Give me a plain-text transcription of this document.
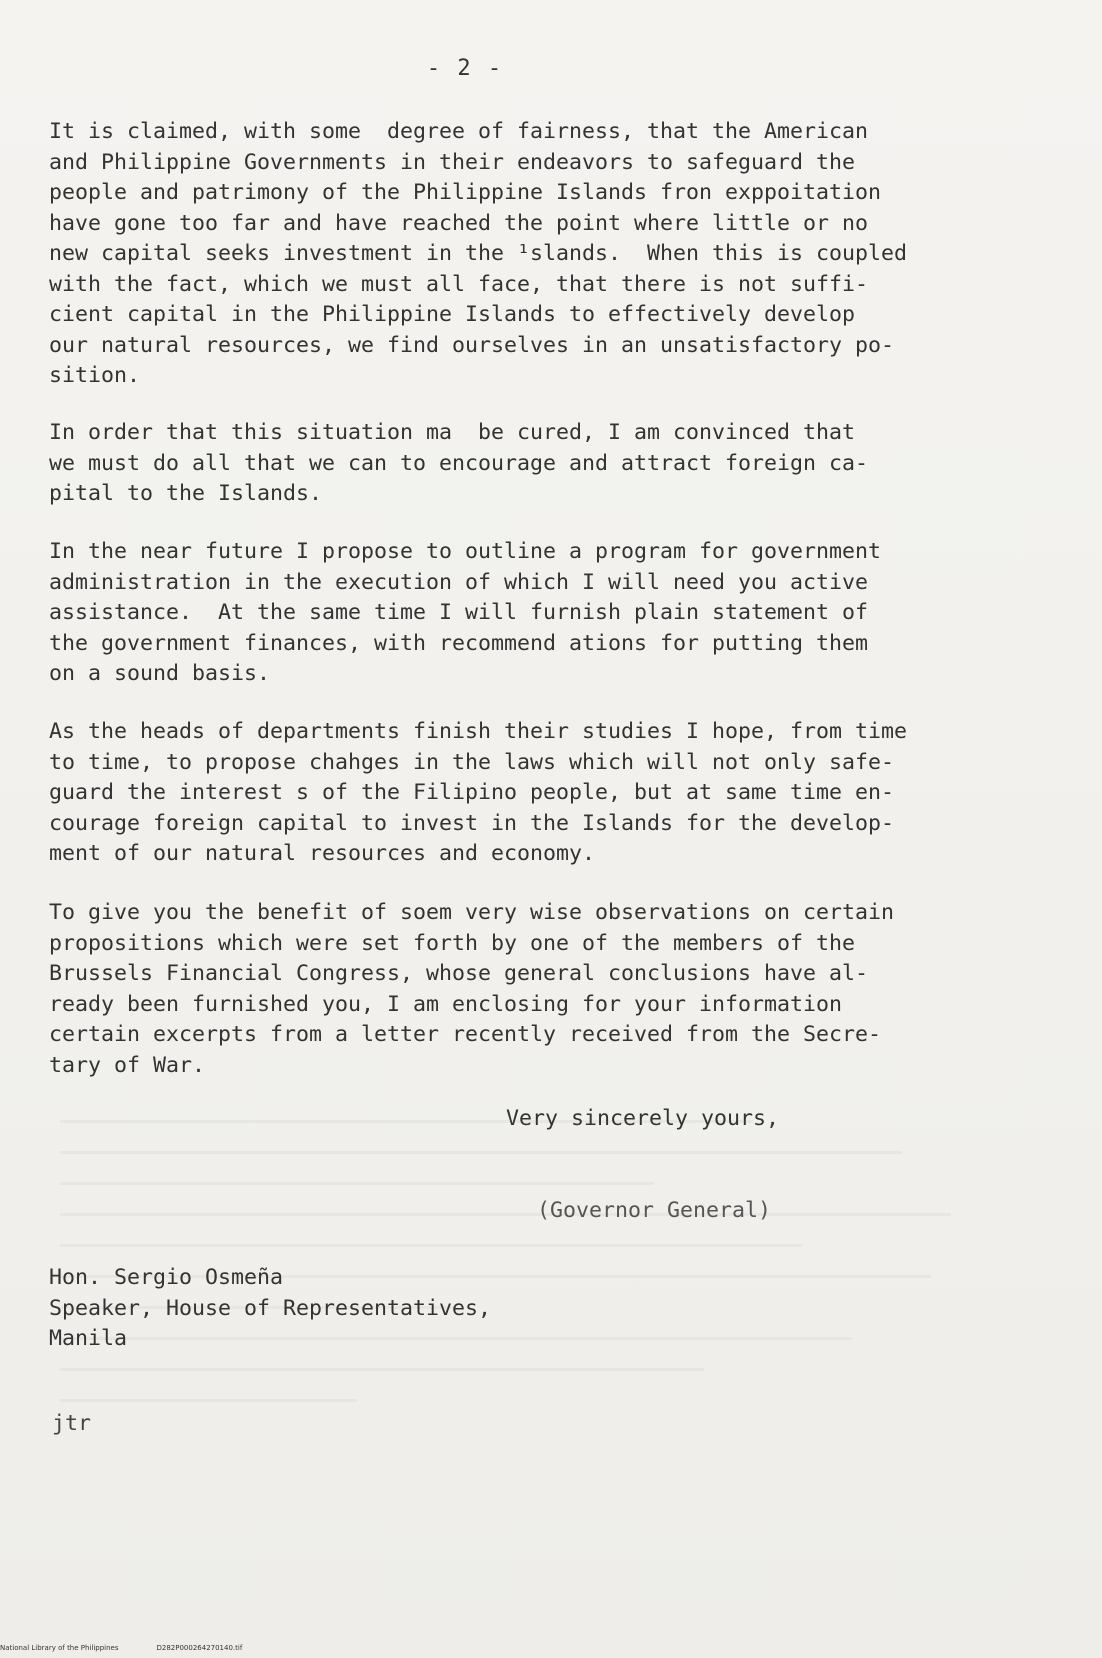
- 2 -

It is claimed, with some  degree of fairness, that the American
and Philippine Governments in their endeavors to safeguard the
people and patrimony of the Philippine Islands fron exppoitation
have gone too far and have reached the point where little or no
new capital seeks investment in the ¹slands.  When this is coupled
with the fact, which we must all face, that there is not suffi-
cient capital in the Philippine Islands to effectively develop
our natural resources, we find ourselves in an unsatisfactory po-
sition.

In order that this situation ma  be cured, I am convinced that
we must do all that we can to encourage and attract foreign ca-
pital to the Islands.

In the near future I propose to outline a program for government
administration in the execution of which I will need you active
assistance.  At the same time I will furnish plain statement of
the government finances, with recommend ations for putting them
on a sound basis.

As the heads of departments finish their studies I hope, from time
to time, to propose chahges in the laws which will not only safe-
guard the interest s of the Filipino people, but at same time en-
courage foreign capital to invest in the Islands for the develop-
ment of our natural resources and economy.

To give you the benefit of soem very wise observations on certain
propositions which were set forth by one of the members of the
Brussels Financial Congress, whose general conclusions have al-
ready been furnished you, I am enclosing for your information
certain excerpts from a letter recently received from the Secre-
tary of War.

Very sincerely yours,
(Governor General)

Hon. Sergio Osmeña
Speaker, House of Representatives,
Manila

jtr
National Library of the Philippines	D282P000264270140.tif
